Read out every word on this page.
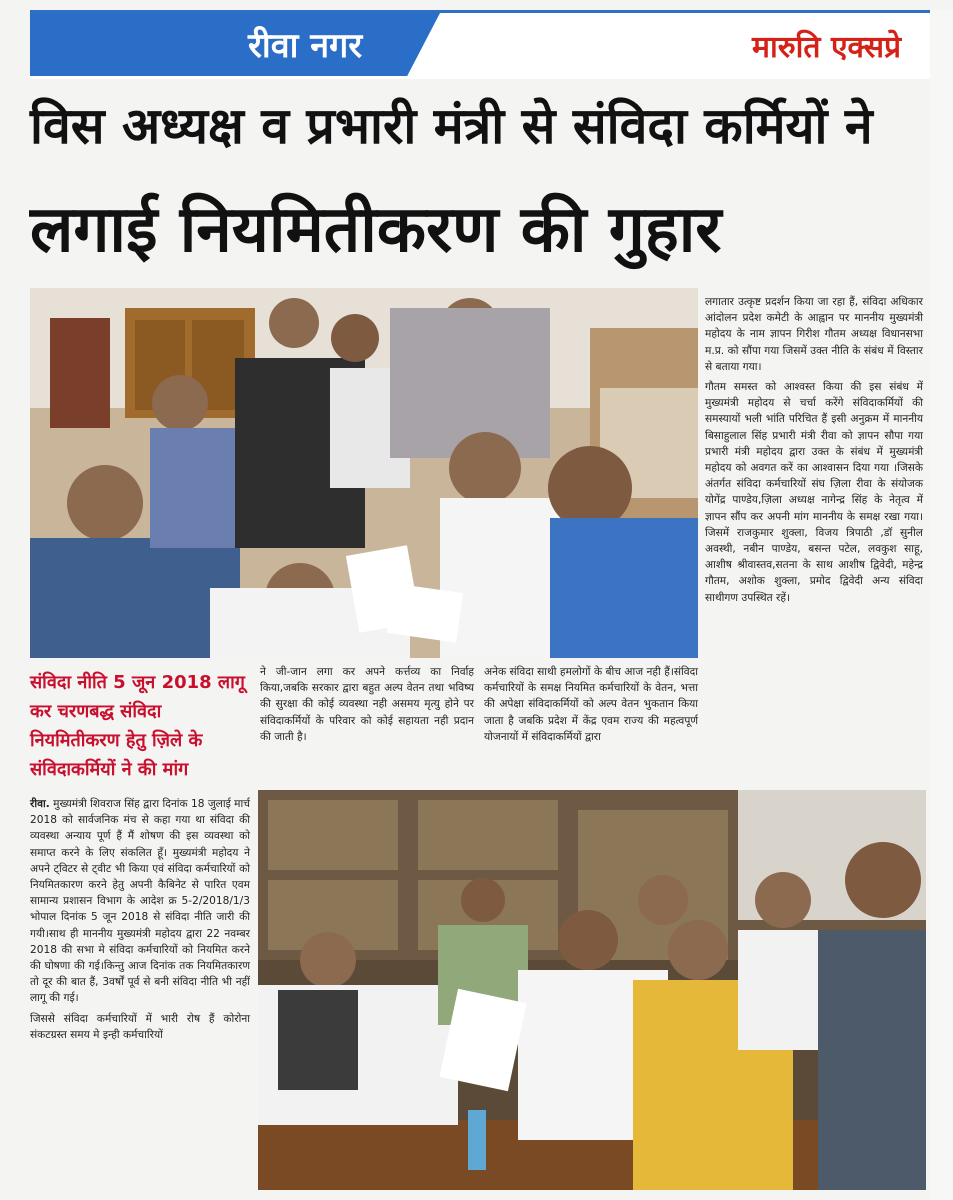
रीवा नगर	मारुति एक्सप्रे
विस अध्यक्ष व प्रभारी मंत्री से संविदा कर्मियों ने
लगाई नियमितीकरण की गुहार

लगातार उत्कृष्ट प्रदर्शन किया जा रहा हैं, संविदा अधिकार आंदोलन प्रदेश कमेटी के आह्वान पर माननीय मुख्यमंत्री महोदय के नाम ज्ञापन गिरीश गौतम अध्यक्ष विधानसभा म.प्र. को सौंपा गया जिसमें उक्त नीति के संबंध में विस्तार से बताया गया।

गौतम समस्त को आश्वस्त किया की इस संबंध में मुख्यमंत्री महोदय से चर्चा करेंगे संविदाकर्मियों की समस्यायों भली भांति परिचित हैं इसी अनुक्रम में माननीय बिसाहुलाल सिंह प्रभारी मंत्री रीवा को ज्ञापन सौपा गया प्रभारी मंत्री महोदय द्वारा उक्त के संबंध में मुख्यमंत्री महोदय को अवगत करें का आश्वासन दिया गया ।जिसके अंतर्गत संविदा कर्मचारियों संघ ज़िला रीवा के संयोजक योगेंद्र पाण्डेय,ज़िला अध्यक्ष नागेन्द्र सिंह के नेतृत्व में ज्ञापन सौंप कर अपनी मांग माननीय के समक्ष रखा गया। जिसमें राजकुमार शुक्ला, विजय त्रिपाठी ,डॉ सुनील अवस्थी, नबीन पाण्डेय, बसन्त पटेल, लवकुश साहू, आशीष श्रीवास्तव,सतना के साथ आशीष द्विवेदी, महेन्द्र गौतम, अशोक शुक्ला, प्रमोद द्विवेदी अन्य संविदा साथीगण उपस्थित रहें।

संविदा नीति 5 जून 2018 लागू कर चरणबद्ध संविदा नियमितीकरण हेतु ज़िले के संविदाकर्मियों ने की मांग

रीवा. मुख्यमंत्री शिवराज सिंह द्वारा दिनांक 18 जुलाई मार्च 2018 को सार्वजनिक मंच से कहा गया था संविदा की व्यवस्था अन्याय पूर्ण हैं मैं शोषण की इस व्यवस्था को समाप्त करने के लिए संकलित हूँ। मुख्यमंत्री महोदय ने अपने ट्विटर से ट्वीट भी किया एवं संविदा कर्मचारियों को नियमितकारण करने हेतु अपनी कैबिनेट से पारित एवम सामान्य प्रशासन विभाग के आदेश क्र 5-2/2018/1/3 भोपाल दिनांक 5 जून 2018 से संविदा नीति जारी की गयी।साथ ही माननीय मुख्यमंत्री महोदय द्वारा 22 नवम्बर 2018 की सभा मे संविदा कर्मचारियों को नियमित करने की घोषणा की गई।किन्तु आज दिनांक तक नियमितकारण तो दूर की बात हैं, 3वर्षों पूर्व से बनी संविदा नीति भी नहीं लागू की गई।

जिससे संविदा कर्मचारियों में भारी रोष हैं कोरोना संकटग्रस्त समय मे इन्ही कर्मचारियों

ने जी-जान लगा कर अपने कर्त्तव्य का निर्वाह किया,जबकि सरकार द्वारा बहुत अल्प वेतन तथा भविष्य की सुरक्षा की कोई व्यवस्था नही असमय मृत्यु होने पर संविदाकर्मियों के परिवार को कोई सहायता नही प्रदान की जाती है।

अनेक संविदा साथी हमलोगों के बीच आज नही हैं।संविदा कर्मचारियों के समक्ष नियमित कर्मचारियों के वेतन, भत्ता की अपेक्षा संविदाकर्मियों को अल्प वेतन भुकतान किया जाता है जबकि प्रदेश में केंद्र एवम राज्य की महत्वपूर्ण योजनायों में संविदाकर्मियों द्वारा
